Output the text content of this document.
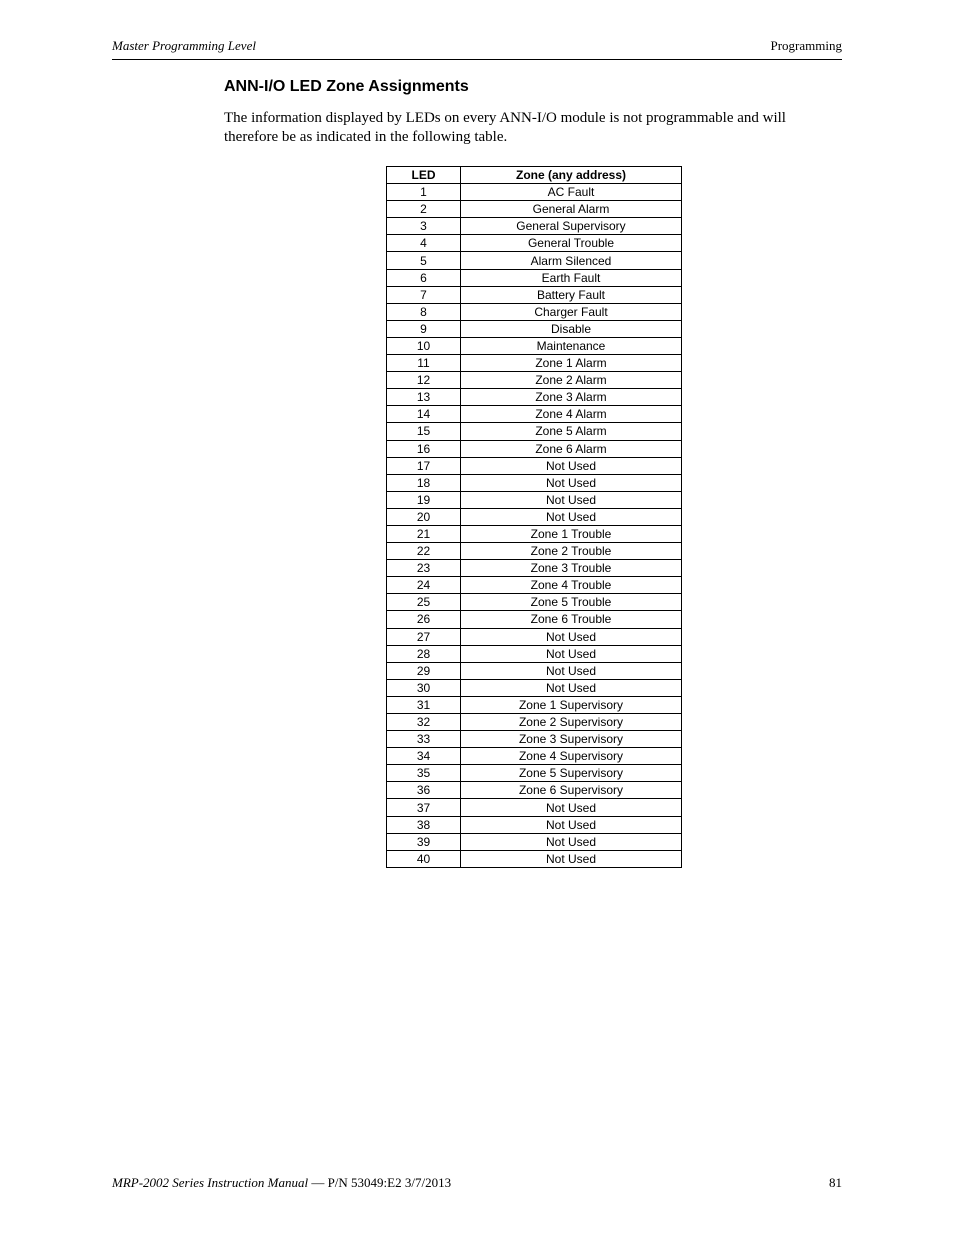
Master Programming Level	Programming
ANN-I/O LED Zone Assignments

The information displayed by LEDs on every ANN-I/O module is not programmable and will therefore be as indicated in the following table.

LED	Zone (any address)
1	AC Fault
2	General Alarm
3	General Supervisory
4	General Trouble
5	Alarm Silenced
6	Earth Fault
7	Battery Fault
8	Charger Fault
9	Disable
10	Maintenance
11	Zone 1 Alarm
12	Zone 2 Alarm
13	Zone 3 Alarm
14	Zone 4 Alarm
15	Zone 5 Alarm
16	Zone 6 Alarm
17	Not Used
18	Not Used
19	Not Used
20	Not Used
21	Zone 1 Trouble
22	Zone 2 Trouble
23	Zone 3 Trouble
24	Zone 4 Trouble
25	Zone 5 Trouble
26	Zone 6 Trouble
27	Not Used
28	Not Used
29	Not Used
30	Not Used
31	Zone 1 Supervisory
32	Zone 2 Supervisory
33	Zone 3 Supervisory
34	Zone 4 Supervisory
35	Zone 5 Supervisory
36	Zone 6 Supervisory
37	Not Used
38	Not Used
39	Not Used
40	Not Used
MRP-2002 Series Instruction Manual — P/N 53049:E2 3/7/2013	81
